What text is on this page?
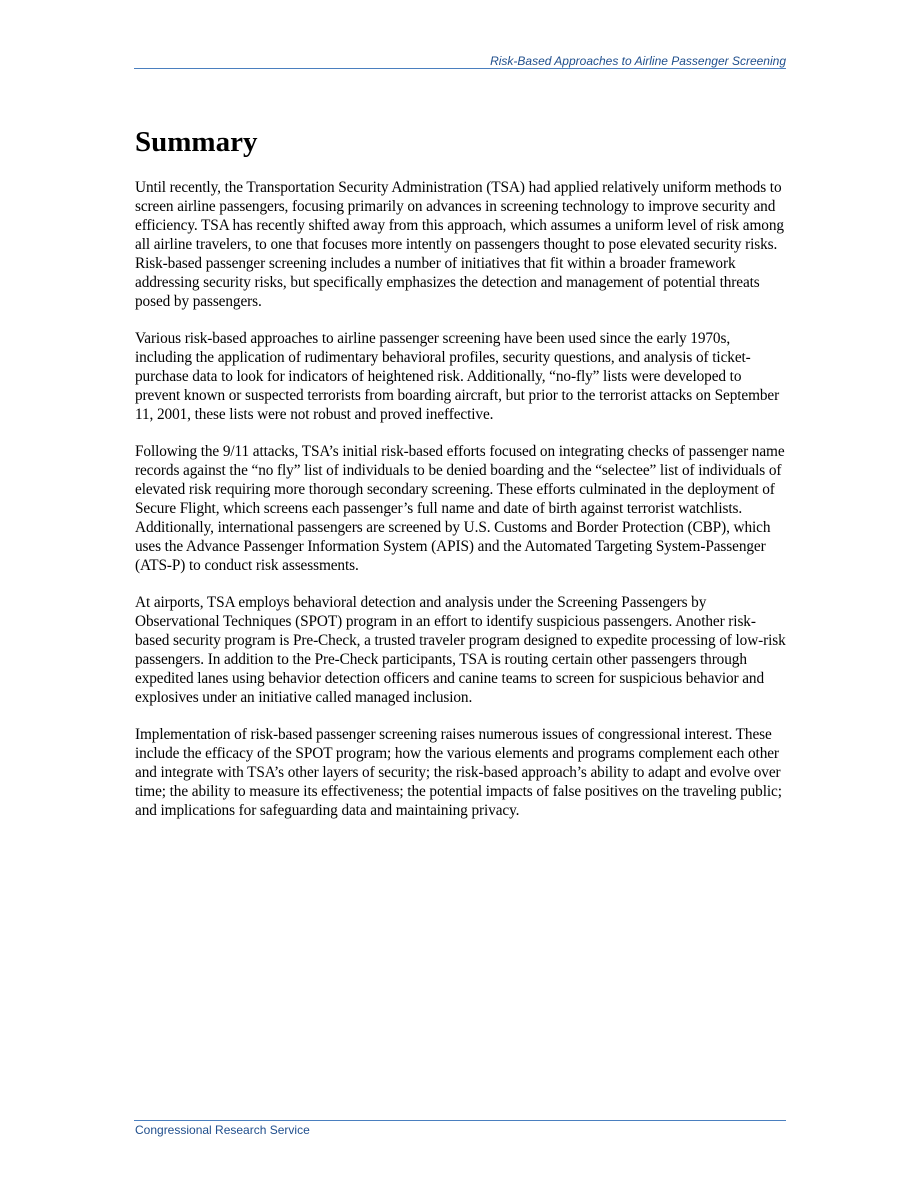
Risk-Based Approaches to Airline Passenger Screening
Summary

Until recently, the Transportation Security Administration (TSA) had applied relatively uniform methods to screen airline passengers, focusing primarily on advances in screening technology to improve security and efficiency. TSA has recently shifted away from this approach, which assumes a uniform level of risk among all airline travelers, to one that focuses more intently on passengers thought to pose elevated security risks. Risk-based passenger screening includes a number of initiatives that fit within a broader framework addressing security risks, but specifically emphasizes the detection and management of potential threats posed by passengers.

Various risk-based approaches to airline passenger screening have been used since the early 1970s, including the application of rudimentary behavioral profiles, security questions, and analysis of ticket-purchase data to look for indicators of heightened risk. Additionally, “no-fly” lists were developed to prevent known or suspected terrorists from boarding aircraft, but prior to the terrorist attacks on September 11, 2001, these lists were not robust and proved ineffective.

Following the 9/11 attacks, TSA’s initial risk-based efforts focused on integrating checks of passenger name records against the “no fly” list of individuals to be denied boarding and the “selectee” list of individuals of elevated risk requiring more thorough secondary screening. These efforts culminated in the deployment of Secure Flight, which screens each passenger’s full name and date of birth against terrorist watchlists. Additionally, international passengers are screened by U.S. Customs and Border Protection (CBP), which uses the Advance Passenger Information System (APIS) and the Automated Targeting System-Passenger (ATS-P) to conduct risk assessments.

At airports, TSA employs behavioral detection and analysis under the Screening Passengers by Observational Techniques (SPOT) program in an effort to identify suspicious passengers. Another risk-based security program is Pre-Check, a trusted traveler program designed to expedite processing of low-risk passengers. In addition to the Pre-Check participants, TSA is routing certain other passengers through expedited lanes using behavior detection officers and canine teams to screen for suspicious behavior and explosives under an initiative called managed inclusion.

Implementation of risk-based passenger screening raises numerous issues of congressional interest. These include the efficacy of the SPOT program; how the various elements and programs complement each other and integrate with TSA’s other layers of security; the risk-based approach’s ability to adapt and evolve over time; the ability to measure its effectiveness; the potential impacts of false positives on the traveling public; and implications for safeguarding data and maintaining privacy.

Congressional Research Service
